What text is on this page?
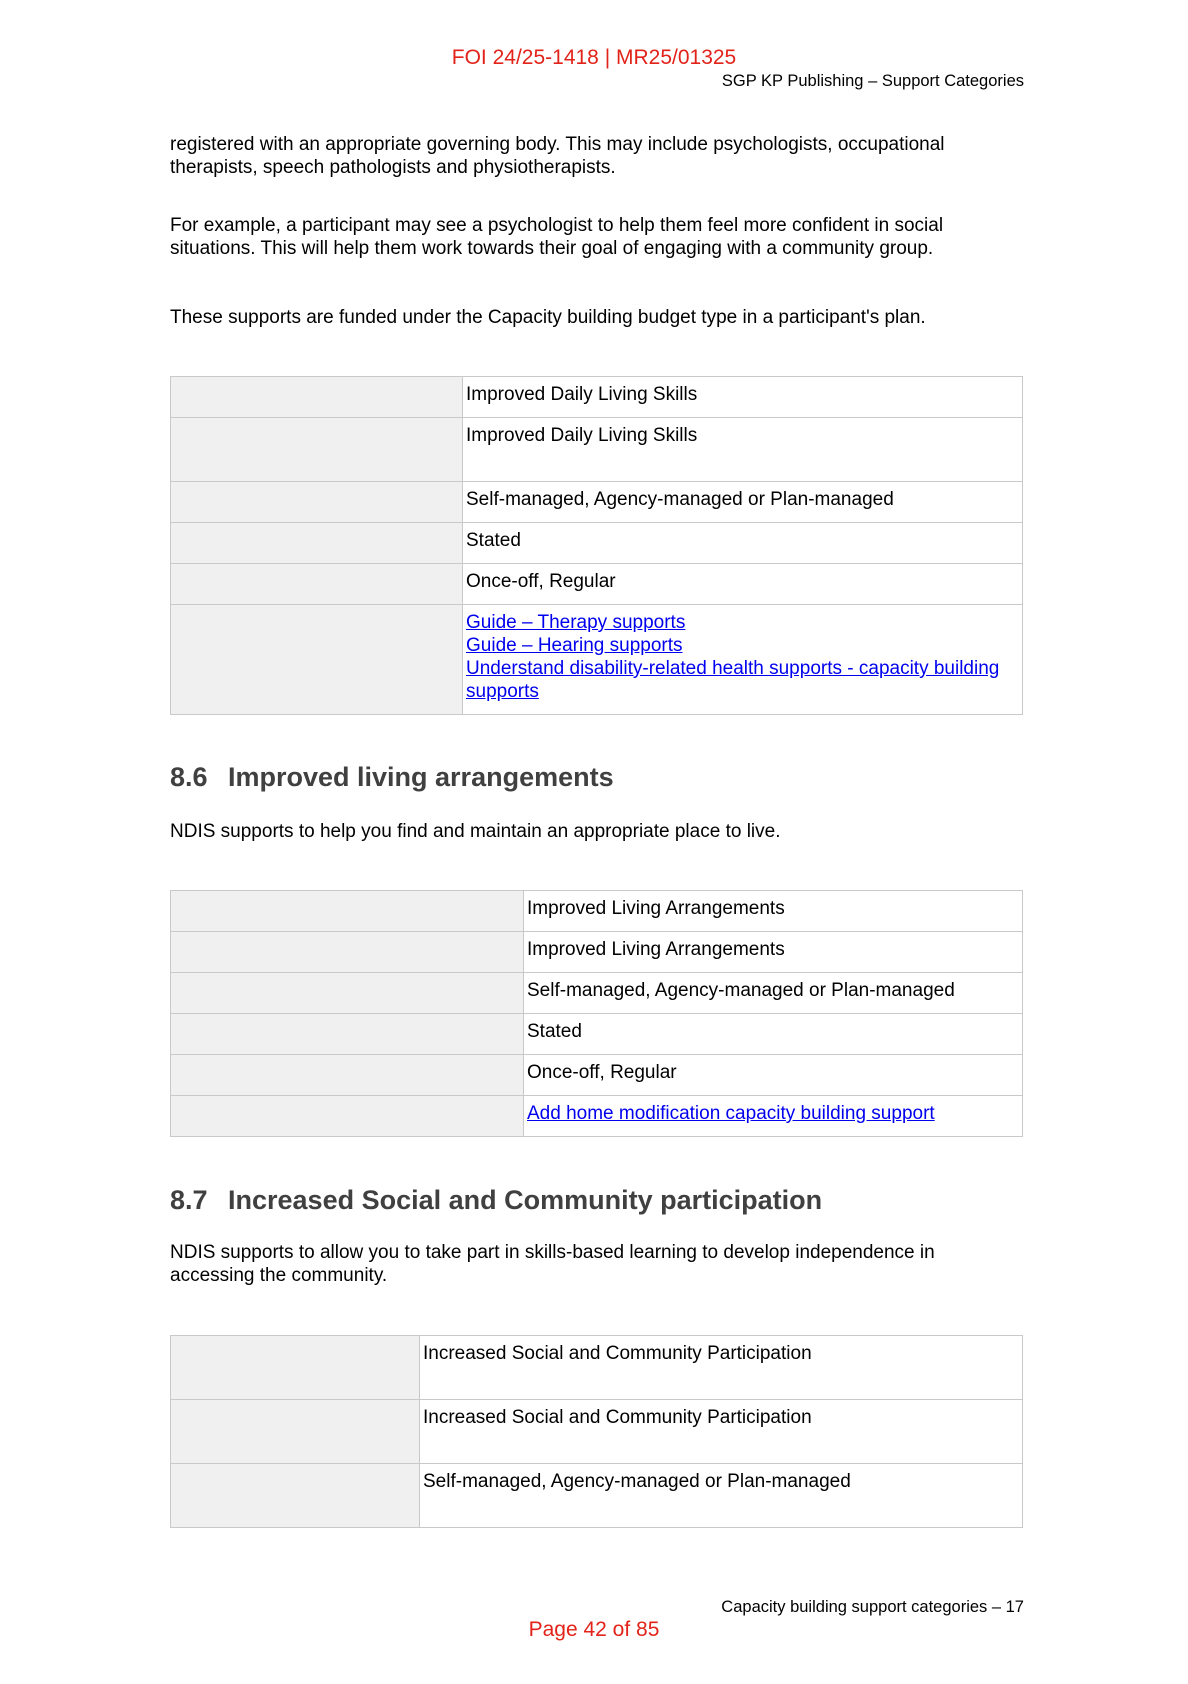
FOI 24/25-1418 | MR25/01325
SGP KP Publishing – Support Categories

registered with an appropriate governing body. This may include psychologists, occupational therapists, speech pathologists and physiotherapists.

For example, a participant may see a psychologist to help them feel more confident in social situations. This will help them work towards their goal of engaging with a community group.

These supports are funded under the Capacity building budget type in a participant's plan.

	Improved Daily Living Skills
	Improved Daily Living Skills
	Self-managed, Agency-managed or Plan-managed
	Stated
	Once-off, Regular

	Guide – Therapy supports
Guide – Hearing supports
Understand disability-related health supports - capacity building supports
8.6 Improved living arrangements

NDIS supports to help you find and maintain an appropriate place to live.

	Improved Living Arrangements
	Improved Living Arrangements
	Self-managed, Agency-managed or Plan-managed
	Stated
	Once-off, Regular

	Add home modification capacity building support
8.7 Increased Social and Community participation

NDIS supports to allow you to take part in skills-based learning to develop independence in accessing the community.

	Increased Social and Community Participation
	Increased Social and Community Participation
	Self-managed, Agency-managed or Plan-managed
Capacity building support categories – 17
Page 42 of 85
